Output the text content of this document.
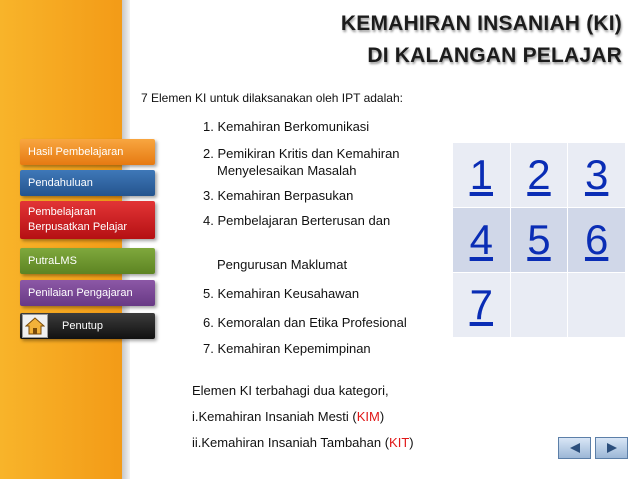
KEMAHIRAN INSANIAH (KI)
DI KALANGAN PELAJAR
7 Elemen KI untuk dilaksanakan oleh IPT adalah:
Hasil Pembelajaran
Pendahuluan
Pembelajaran
Berpusatkan Pelajar
PutraLMS
Penilaian Pengajaran
Penutup
1. Kemahiran Berkomunikasi
2. Pemikiran Kritis dan Kemahiran
Menyelesaikan Masalah
3. Kemahiran Berpasukan
4. Pembelajaran Berterusan dan
Pengurusan Maklumat
5. Kemahiran Keusahawan
6. Kemoralan dan Etika Profesional
7. Kemahiran Kepemimpinan
1	2	3
4	5	6
7		
Elemen KI terbahagi dua kategori,
i.Kemahiran Insaniah Mesti (KIM)
ii.Kemahiran Insaniah Tambahan (KIT)
